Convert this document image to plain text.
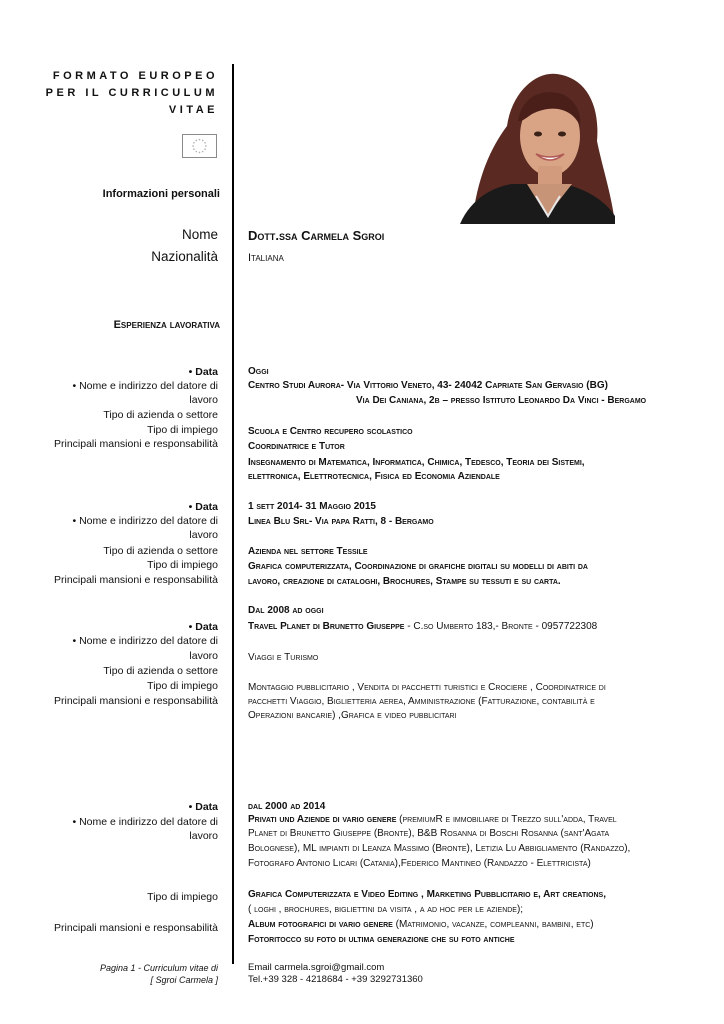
FORMATO EUROPEO
PER IL CURRICULUM
VITAE
Informazioni personali
Nome Dott.ssa Carmela Sgroi
Nazionalità	Italiana
Esperienza lavorativa
• Data
• Nome e indirizzo del datore di
lavoro
Tipo di azienda o settore
Tipo di impiego
Principali mansioni e responsabilità
Oggi
Centro Studi Aurora- Via Vittorio Veneto, 43- 24042 Capriate San Gervasio (BG)
Via Dei Caniana, 2b – presso Istituto Leonardo Da Vinci - Bergamo
Scuola e Centro recupero scolastico
Coordinatrice e Tutor
Insegnamento di Matematica, Informatica, Chimica, Tedesco, Teoria dei Sistemi,
elettronica, Elettrotecnica, Fisica ed Economia Aziendale
• Data
• Nome e indirizzo del datore di
lavoro
Tipo di azienda o settore
Tipo di impiego
Principali mansioni e responsabilità
1 sett 2014- 31 Maggio 2015
Linea Blu Srl- Via papa Ratti, 8 - Bergamo
Azienda nel settore Tessile
Grafica computerizzata, Coordinazione di grafiche digitali su modelli di abiti da
lavoro, creazione di cataloghi, Brochures, Stampe su tessuti e su carta.
Dal 2008 ad oggi
• Data
• Nome e indirizzo del datore di
lavoro
Tipo di azienda o settore
Tipo di impiego
Principali mansioni e responsabilità
Travel Planet di Brunetto Giuseppe - C.so Umberto 183,- Bronte - 0957722308
Viaggi e Turismo
Montaggio pubblicitario , Vendita di pacchetti turistici e Crociere , Coordinatrice di
pacchetti Viaggio, Biglietteria aerea, Amministrazione (Fatturazione, contabilità e
Operazioni bancarie) ,Grafica e video pubblicitari
• Data
• Nome e indirizzo del datore di
lavoro
Tipo di impiego
Principali mansioni e responsabilità
dal 2000 ad 2014
Privati und Aziende di vario genere (premiumR e immobiliare di Trezzo sull'adda, Travel
Planet di Brunetto Giuseppe (Bronte), B&B Rosanna di Boschi Rosanna (sant'Agata
Bolognese), ML impianti di Leanza Massimo (Bronte), Letizia Lu Abbigliamento (Randazzo),
Fotografo Antonio Licari (Catania),Federico Mantineo (Randazzo - Elettricista)
Grafica Computerizzata e Video Editing , Marketing Pubblicitario e, Art creations,
( loghi , brochures, bigliettini da visita , a ad hoc per le aziende);
Album fotografici di vario genere (Matrimonio, vacanze, compleanni, bambini, etc)
Fotoritocco su foto di ultima generazione che su foto antiche
Pagina 1 - Curriculum vitae di
[ Sgroi Carmela ]
Email carmela.sgroi@gmail.com
Tel.+39 328 - 4218684 - +39 3292731360
